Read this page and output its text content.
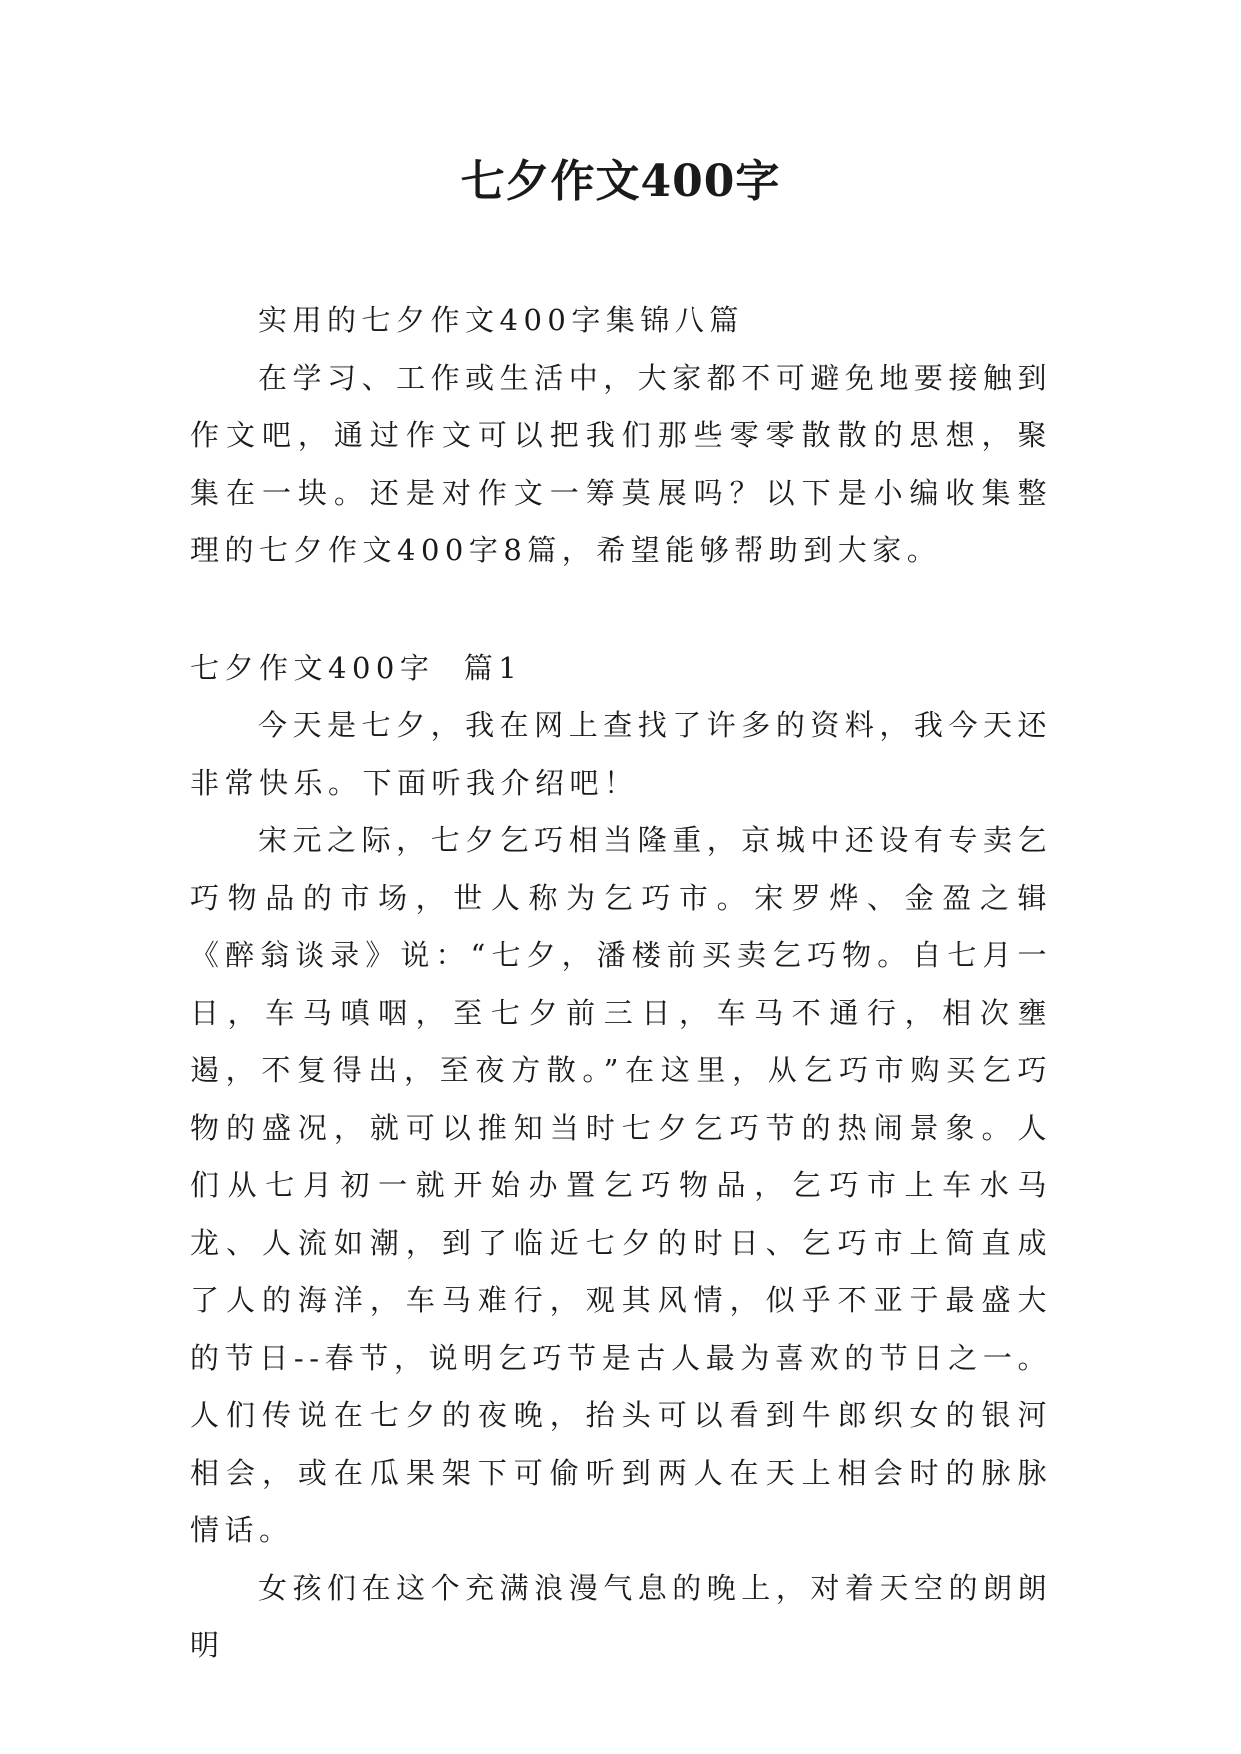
七夕作文400字

实用的七夕作文400字集锦八篇

在学习、工作或生活中，大家都不可避免地要接触到作文吧，通过作文可以把我们那些零零散散的思想，聚集在一块。还是对作文一筹莫展吗？以下是小编收集整理的七夕作文400字8篇，希望能够帮助到大家。

七夕作文400字  篇1

今天是七夕，我在网上查找了许多的资料，我今天还非常快乐。下面听我介绍吧！

宋元之际，七夕乞巧相当隆重，京城中还设有专卖乞巧物品的市场，世人称为乞巧市。宋罗烨、金盈之辑《醉翁谈录》说：“七夕，潘楼前买卖乞巧物。自七月一日，车马嗔咽，至七夕前三日，车马不通行，相次壅遏，不复得出，至夜方散。”在这里，从乞巧市购买乞巧物的盛况，就可以推知当时七夕乞巧节的热闹景象。人们从七月初一就开始办置乞巧物品，乞巧市上车水马龙、人流如潮，到了临近七夕的时日、乞巧市上简直成了人的海洋，车马难行，观其风情，似乎不亚于最盛大的节日--春节，说明乞巧节是古人最为喜欢的节日之一。人们传说在七夕的夜晚，抬头可以看到牛郎织女的银河相会，或在瓜果架下可偷听到两人在天上相会时的脉脉情话。

女孩们在这个充满浪漫气息的晚上，对着天空的朗朗明
